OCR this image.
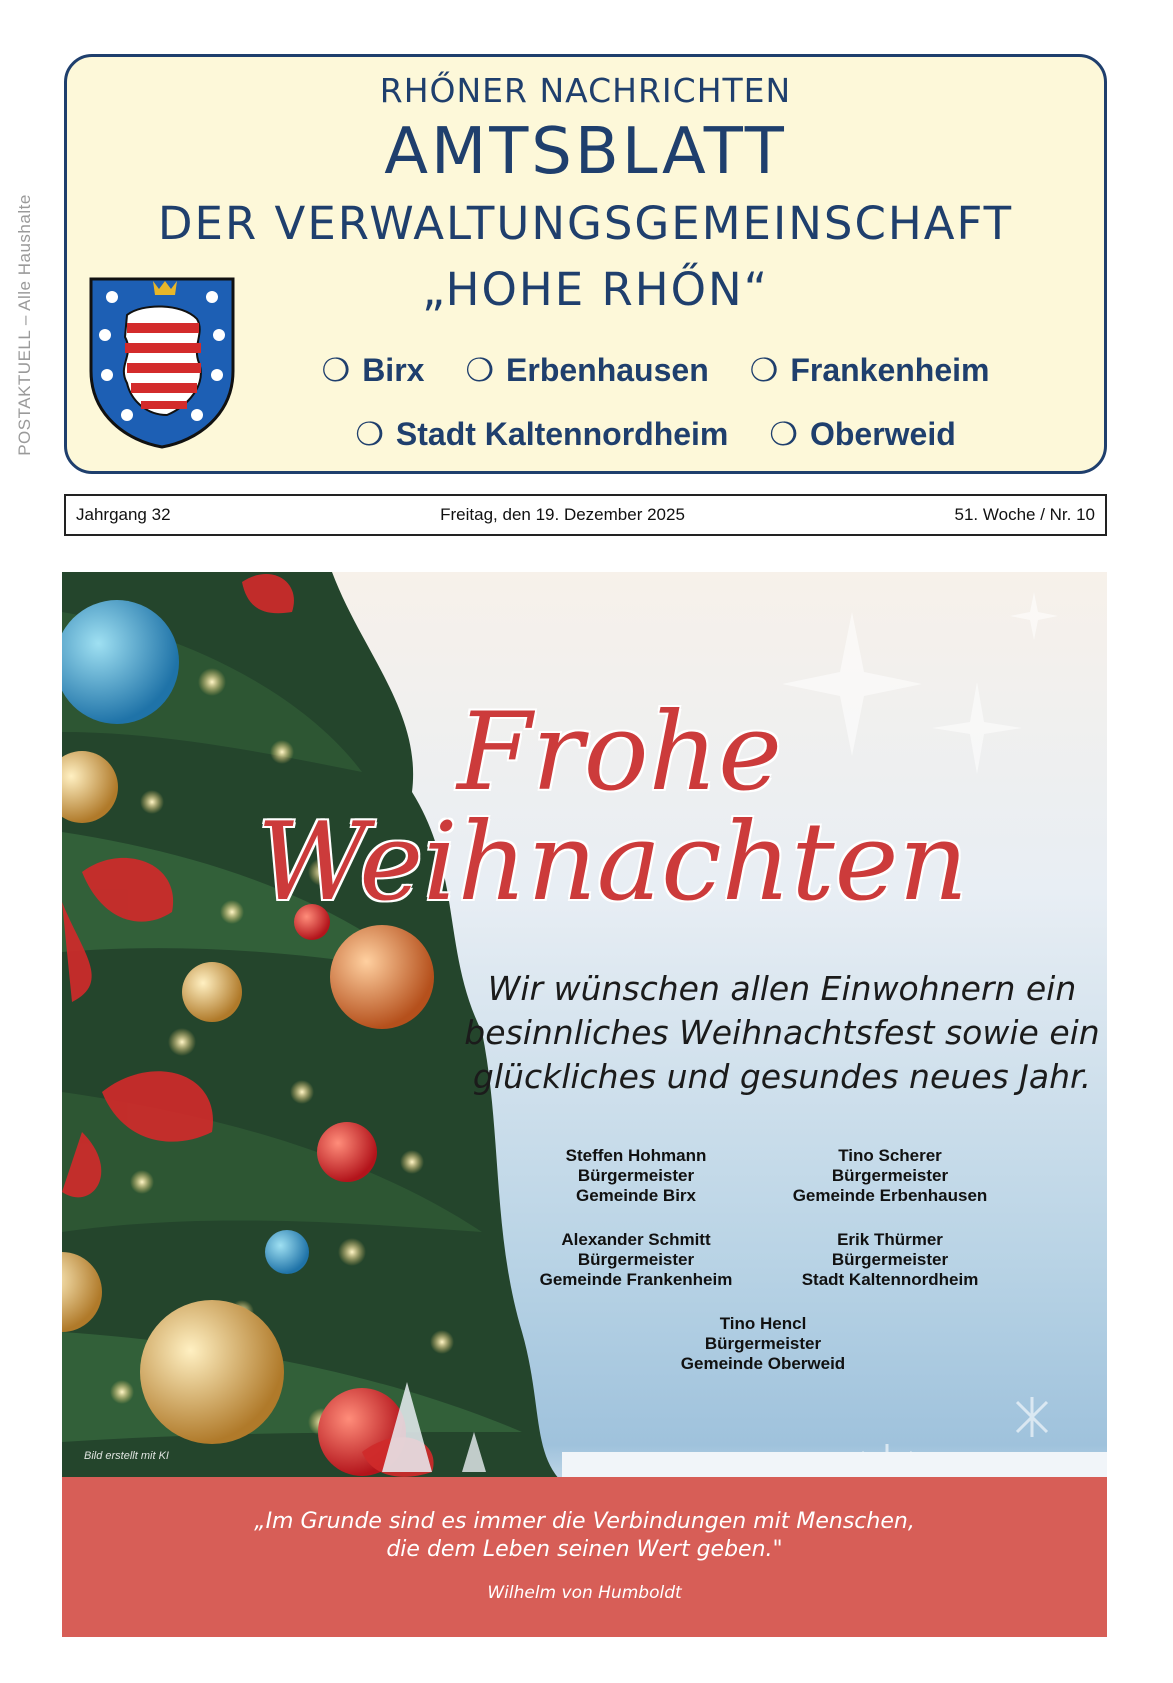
POSTAKTUELL – Alle Haushalte
RHŐNER NACHRICHTEN
AMTSBLATT
DER VERWALTUNGSGEMEINSCHAFT
„HOHE RHŐN“
❍ Birx ❍ Erbenhausen ❍ Frankenheim
❍ Stadt Kaltennordheim ❍ Oberweid
Jahrgang 32	Freitag, den 19. Dezember 2025	51. Woche / Nr. 10
Frohe
Weihnachten
Wir wünschen allen Einwohnern ein
besinnliches Weihnachtsfest sowie ein
glückliches und gesundes neues Jahr.
Steffen Hohmann
Bürgermeister
Gemeinde Birx
Tino Scherer
Bürgermeister
Gemeinde Erbenhausen
Alexander Schmitt
Bürgermeister
Gemeinde Frankenheim
Erik Thürmer
Bürgermeister
Stadt Kaltennordheim
Tino Hencl
Bürgermeister
Gemeinde Oberweid
Bild erstellt mit KI
„Im Grunde sind es immer die Verbindungen mit Menschen,
die dem Leben seinen Wert geben."
Wilhelm von Humboldt
